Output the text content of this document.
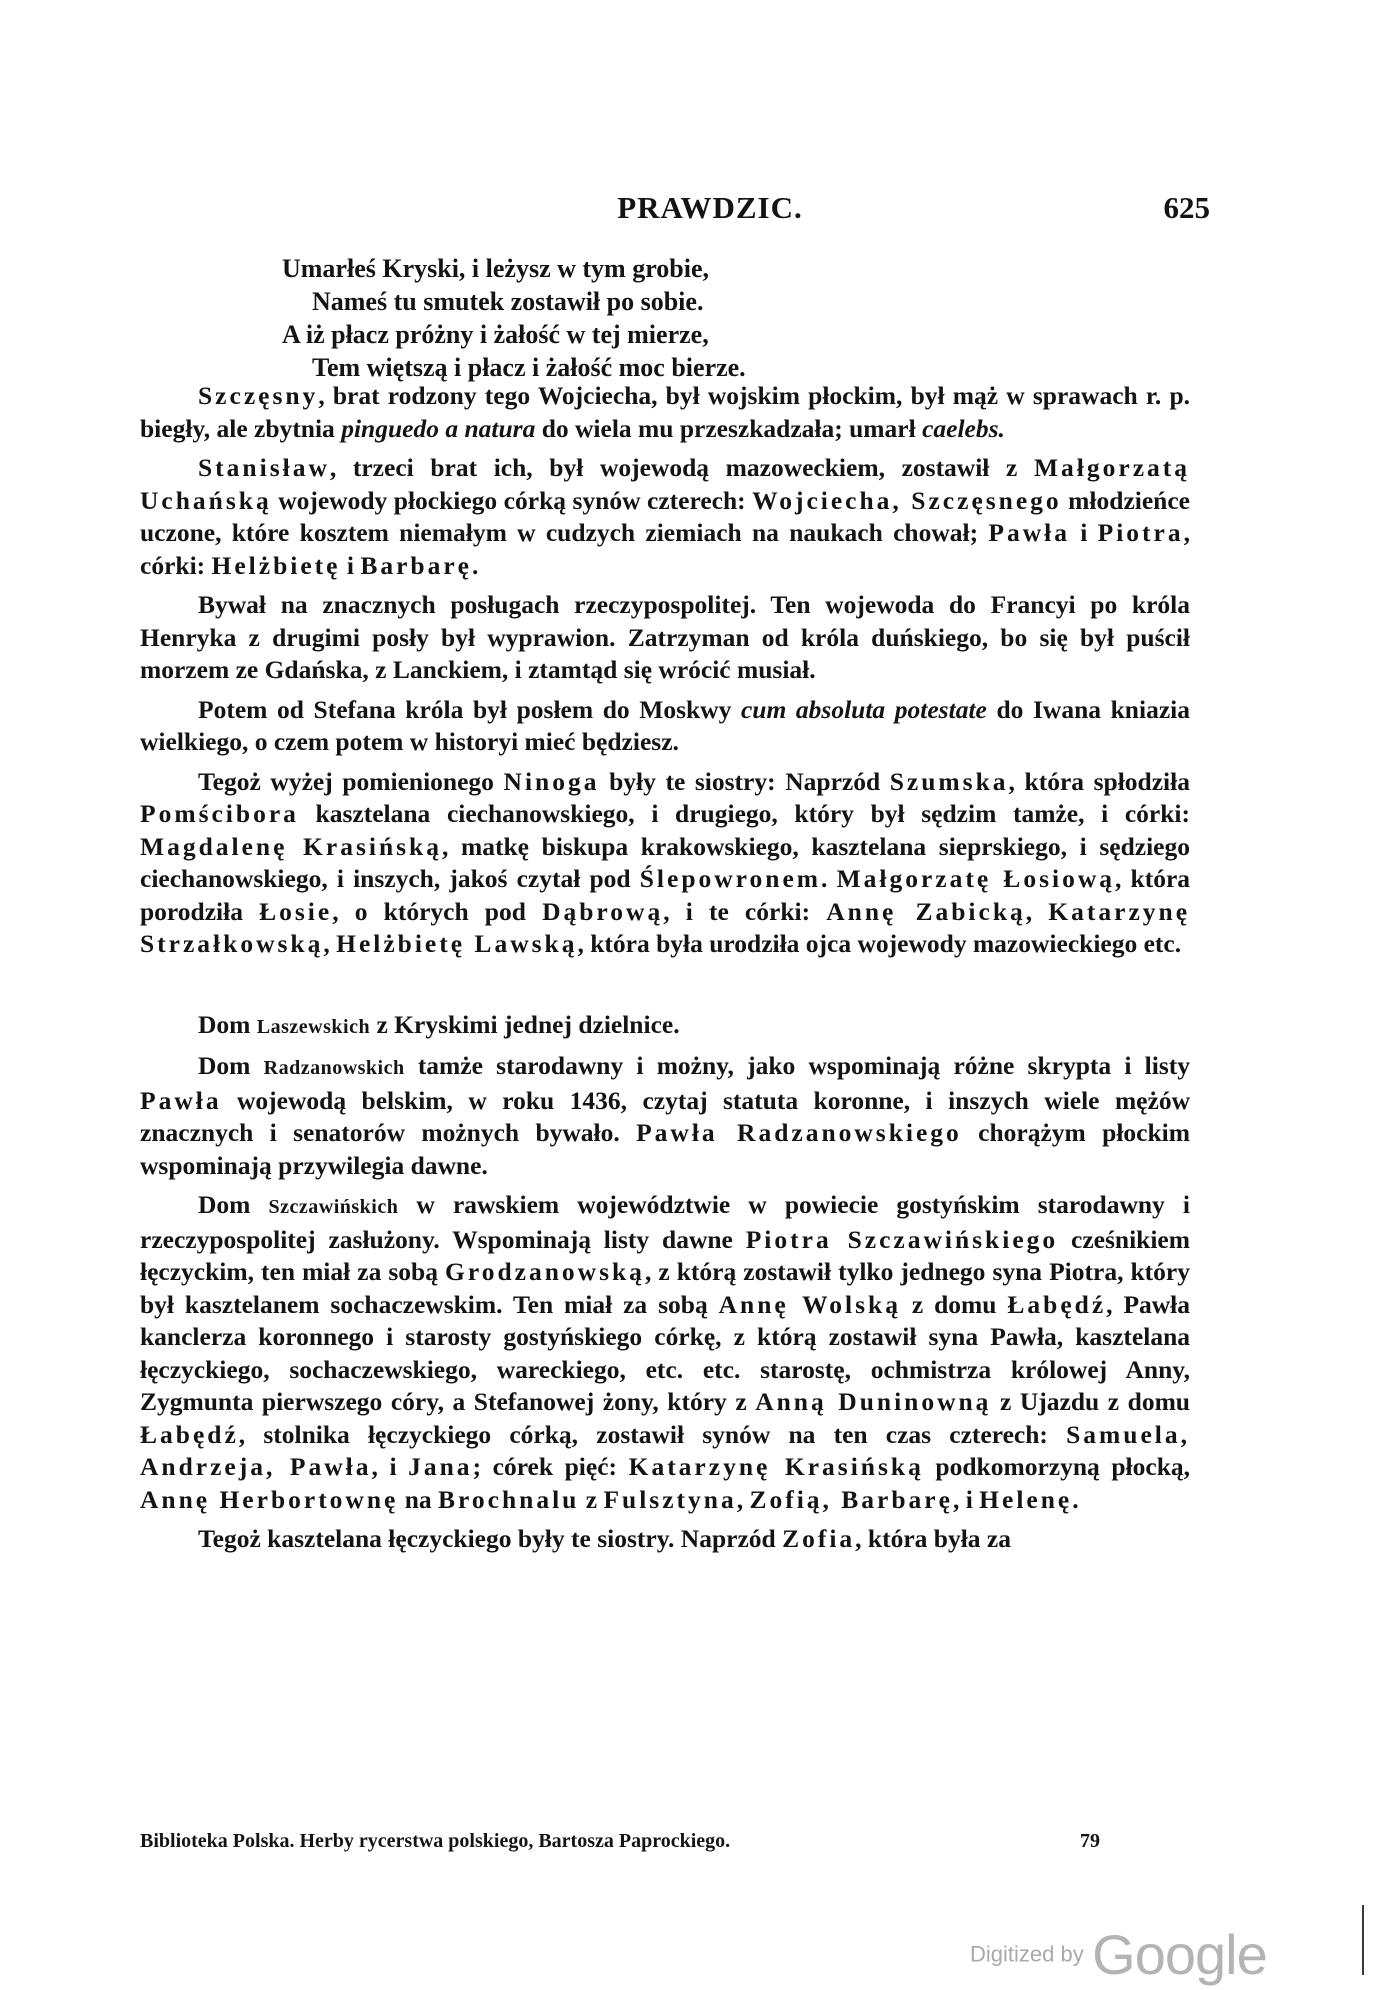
PRAWDZIC.	625
Umarłeś Kryski, i leżysz w tym grobie,
Nameś tu smutek zostawił po sobie.
A iż płacz próżny i żałość w tej mierze,
Tem więtszą i płacz i żałość moc bierze.

Szczęsny, brat rodzony tego Wojciecha, był wojskim płockim, był mąż w sprawach r. p. biegły, ale zbytnia pinguedo a natura do wiela mu przeszkadzała; umarł caelebs.

Stanisław, trzeci brat ich, był wojewodą mazoweckiem, zostawił z Małgorzatą Uchańską wojewody płockiego córką synów czterech: Wojciecha, Szczęsnego młodzieńce uczone, które kosztem niemałym w cudzych ziemiach na naukach chował; Pawła i Piotra, córki: Helżbietę i Barbarę.

Bywał na znacznych posługach rzeczypospolitej. Ten wojewoda do Francyi po króla Henryka z drugimi posły był wyprawion. Zatrzyman od króla duńskiego, bo się był puścił morzem ze Gdańska, z Lanckiem, i ztamtąd się wrócić musiał.

Potem od Stefana króla był posłem do Moskwy cum absoluta potestate do Iwana kniazia wielkiego, o czem potem w historyi mieć będziesz.

Tegoż wyżej pomienionego Ninoga były te siostry: Naprzód Szumska, która spłodziła Pomścibora kasztelana ciechanowskiego, i drugiego, który był sędzim tamże, i córki: Magdalenę Krasińską, matkę biskupa krakowskiego, kasztelana sieprskiego, i sędziego ciechanowskiego, i inszych, jakoś czytał pod Ślepowronem. Małgorzatę Łosiową, która porodziła Łosie, o których pod Dąbrową, i te córki: Annę Zabicką, Katarzynę Strzałkowską, Helżbietę Lawską, która była urodziła ojca wojewody mazowieckiego etc.

Dom Laszewskich z Kryskimi jednej dzielnice.

Dom Radzanowskich tamże starodawny i możny, jako wspominają różne skrypta i listy Pawła wojewodą belskim, w roku 1436, czytaj statuta koronne, i inszych wiele mężów znacznych i senatorów możnych bywało. Pawła Radzanowskiego chorążym płockim wspominają przywilegia dawne.

Dom Szczawińskich w rawskiem województwie w powiecie gostyńskim starodawny i rzeczypospolitej zasłużony. Wspominają listy dawne Piotra Szczawińskiego cześnikiem łęczyckim, ten miał za sobą Grodzanowską, z którą zostawił tylko jednego syna Piotra, który był kasztelanem sochaczewskim. Ten miał za sobą Annę Wolską z domu Łabędź, Pawła kanclerza koronnego i starosty gostyńskiego córkę, z którą zostawił syna Pawła, kasztelana łęczyckiego, sochaczewskiego, wareckiego, etc. etc. starostę, ochmistrza królowej Anny, Zygmunta pierwszego córy, a Stefanowej żony, który z Anną Duninowną z Ujazdu z domu Łabędź, stolnika łęczyckiego córką, zostawił synów na ten czas czterech: Samuela, Andrzeja, Pawła, i Jana; córek pięć: Katarzynę Krasińską podkomorzyną płocką, Annę Herbortownę na Brochnalu z Fulsztyna, Zofią, Barbarę, i Helenę.

Tegoż kasztelana łęczyckiego były te siostry. Naprzód Zofia, która była za

Biblioteka Polska. Herby rycerstwa polskiego, Bartosza Paprockiego.	79
Digitized by Google
